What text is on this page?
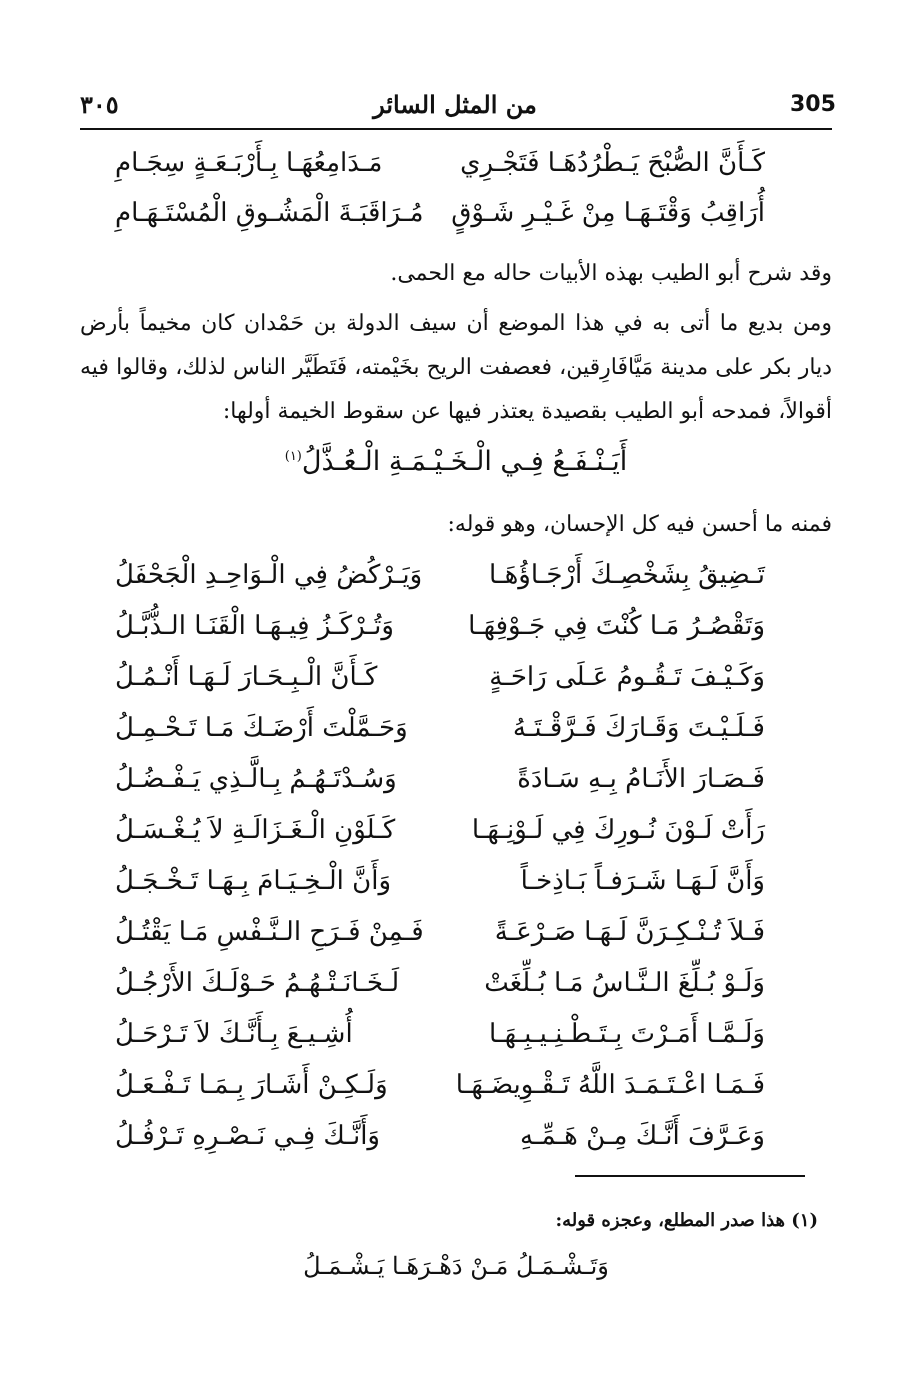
305
من المثل السائر
٣٠٥
كَـأَنَّ الصُّبْحَ يَـطْرُدُهَـا فَتَجْـرِي
مَـدَامِعُهَـا بِـأَرْبَـعَـةٍ سِجَـامِ
أُرَاقِبُ وَقْتَـهَـا مِنْ غَـيْـرِ شَـوْقٍ
مُـرَاقَبَـةَ الْمَشُـوقِ الْمُسْتَـهَـامِ
وقد شرح أبو الطيب بهذه الأبيات حاله مع الحمى.
ومن بديع ما أتى به في هذا الموضع أن سيف الدولة بن حَمْدان كان مخيماً بأرض ديار بكر على مدينة مَيَّافَارِقين، فعصفت الريح بخَيْمته، فَتَطَيَّر الناس لذلك، وقالوا فيه أقوالاً، فمدحه أبو الطيب بقصيدة يعتذر فيها عن سقوط الخيمة أولها:
أَيَـنْـفَـعُ فِـي الْـخَـيْـمَـةِ الْـعُـذَّلُ$^{(١)}$
فمنه ما أحسن فيه كل الإحسان، وهو قوله:
تَـضِيقُ بِشَخْصِـكَ أَرْجَـاؤُهَـا
وَيَـرْكُضُ فِي الْـوَاحِـدِ الْجَحْفَلُ
وَتَقْصُـرُ مَـا كُنْتَ فِي جَـوْفِهَـا
وَتُـرْكَـزُ فِيـهَـا الْقَنَـا الـذُّبَّـلُ
وَكَـيْـفَ تَـقُـومُ عَـلَى رَاحَـةٍ
كَـأَنَّ الْـبِـحَـارَ لَـهَـا أَنْـمُـلُ
فَـلَـيْـتَ وَقَـارَكَ فَـرَّقْـتَـهُ
وَحَـمَّلْتَ أَرْضَـكَ مَـا تَـحْـمِـلُ
فَـصَـارَ الأَنَـامُ بِـهِ سَـادَةً
وَسُـدْتَـهُـمُ بِـالَّـذِي يَـفْـضُـلُ
رَأَتْ لَـوْنَ نُـورِكَ فِي لَـوْنِـهَـا
كَـلَوْنِ الْـغَـزَالَـةِ لاَ يُـغْـسَـلُ
وَأَنَّ لَـهَـا شَـرَفـاً بَـاذِخـاً
وَأَنَّ الْـخِـيَـامَ بِـهَـا تَـخْـجَـلُ
فَـلاَ تُـنْـكِـرَنَّ لَـهَـا صَـرْعَـةً
فَـمِنْ فَـرَحِ الـنَّـفْسِ مَـا يَقْتُـلُ
وَلَـوْ بُـلِّغَ الـنَّـاسُ مَـا بُـلِّغَتْ
لَـخَـانَـتْـهُـمُ حَـوْلَـكَ الأَرْجُـلُ
وَلَـمَّـا أَمَـرْتَ بِـتَـطْـنِـيـبِـهَـا
أُشِـيـعَ بِـأَنَّـكَ لاَ تَـرْحَـلُ
فَـمَـا اعْـتَـمَـدَ اللَّهُ تَـقْـوِيضَـهَـا
وَلَـكِـنْ أَشَـارَ بِـمَـا تَـفْـعَـلُ
وَعَـرَّفَ أَنَّـكَ مِـنْ هَـمِّـهِ
وَأَنَّـكَ فِـي نَـصْـرِهِ تَـرْفُـلُ
(١) هذا صدر المطلع، وعجزه قوله:
وَتَـشْـمَـلُ مَـنْ دَهْـرَهَـا يَـشْـمَـلُ
